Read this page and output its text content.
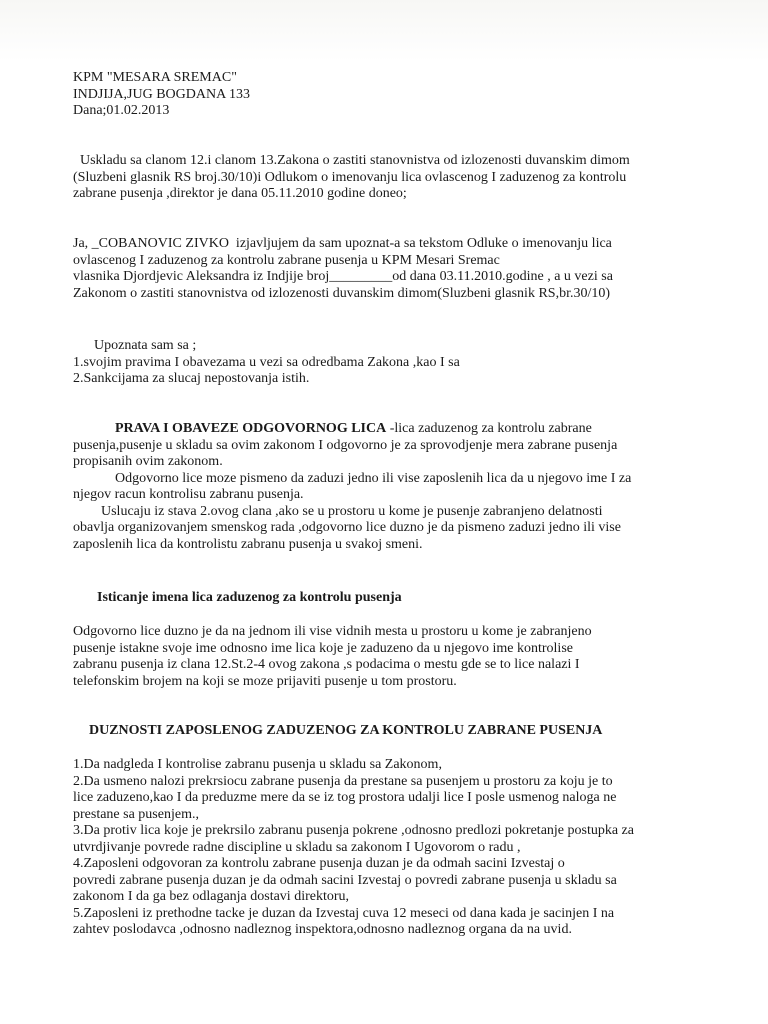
KPM "MESARA SREMAC"
INDJIJA,JUG BOGDANA 133
Dana;01.02.2013
Uskladu sa clanom 12.i clanom 13.Zakona o zastiti stanovnistva od izlozenosti duvanskim dimom
(Sluzbeni glasnik RS broj.30/10)i Odlukom o imenovanju lica ovlascenog I zaduzenog za kontrolu
zabrane pusenja ,direktor je dana 05.11.2010 godine doneo;
Ja, _COBANOVIC ZIVKO  izjavljujem da sam upoznat-a sa tekstom Odluke o imenovanju lica
ovlascenog I zaduzenog za kontrolu zabrane pusenja u KPM Mesari Sremac
vlasnika Djordjevic Aleksandra iz Indjije broj_________od dana 03.11.2010.godine , a u vezi sa
Zakonom o zastiti stanovnistva od izlozenosti duvanskim dimom(Sluzbeni glasnik RS,br.30/10)
Upoznata sam sa ;
1.svojim pravima I obavezama u vezi sa odredbama Zakona ,kao I sa
2.Sankcijama za slucaj nepostovanja istih.
PRAVA I OBAVEZE ODGOVORNOG LICA -lica zaduzenog za kontrolu zabrane
pusenja,pusenje u skladu sa ovim zakonom I odgovorno je za sprovodjenje mera zabrane pusenja
propisanih ovim zakonom.
Odgovorno lice moze pismeno da zaduzi jedno ili vise zaposlenih lica da u njegovo ime I za
njegov racun kontrolisu zabranu pusenja.
Uslucaju iz stava 2.ovog clana ,ako se u prostoru u kome je pusenje zabranjeno delatnosti
obavlja organizovanjem smenskog rada ,odgovorno lice duzno je da pismeno zaduzi jedno ili vise
zaposlenih lica da kontrolistu zabranu pusenja u svakoj smeni.
Isticanje imena lica zaduzenog za kontrolu pusenja
Odgovorno lice duzno je da na jednom ili vise vidnih mesta u prostoru u kome je zabranjeno
pusenje istakne svoje ime odnosno ime lica koje je zaduzeno da u njegovo ime kontrolise
zabranu pusenja iz clana 12.St.2-4 ovog zakona ,s podacima o mestu gde se to lice nalazi I
telefonskim brojem na koji se moze prijaviti pusenje u tom prostoru.
DUZNOSTI ZAPOSLENOG ZADUZENOG ZA KONTROLU ZABRANE PUSENJA
1.Da nadgleda I kontrolise zabranu pusenja u skladu sa Zakonom,
2.Da usmeno nalozi prekrsiocu zabrane pusenja da prestane sa pusenjem u prostoru za koju je to
lice zaduzeno,kao I da preduzme mere da se iz tog prostora udalji lice I posle usmenog naloga ne
prestane sa pusenjem.,
3.Da protiv lica koje je prekrsilo zabranu pusenja pokrene ,odnosno predlozi pokretanje postupka za
utvrdjivanje povrede radne discipline u skladu sa zakonom I Ugovorom o radu ,
4.Zaposleni odgovoran za kontrolu zabrane pusenja duzan je da odmah sacini Izvestaj o
povredi zabrane pusenja duzan je da odmah sacini Izvestaj o povredi zabrane pusenja u skladu sa
zakonom I da ga bez odlaganja dostavi direktoru,
5.Zaposleni iz prethodne tacke je duzan da Izvestaj cuva 12 meseci od dana kada je sacinjen I na
zahtev poslodavca ,odnosno nadleznog inspektora,odnosno nadleznog organa da na uvid.
